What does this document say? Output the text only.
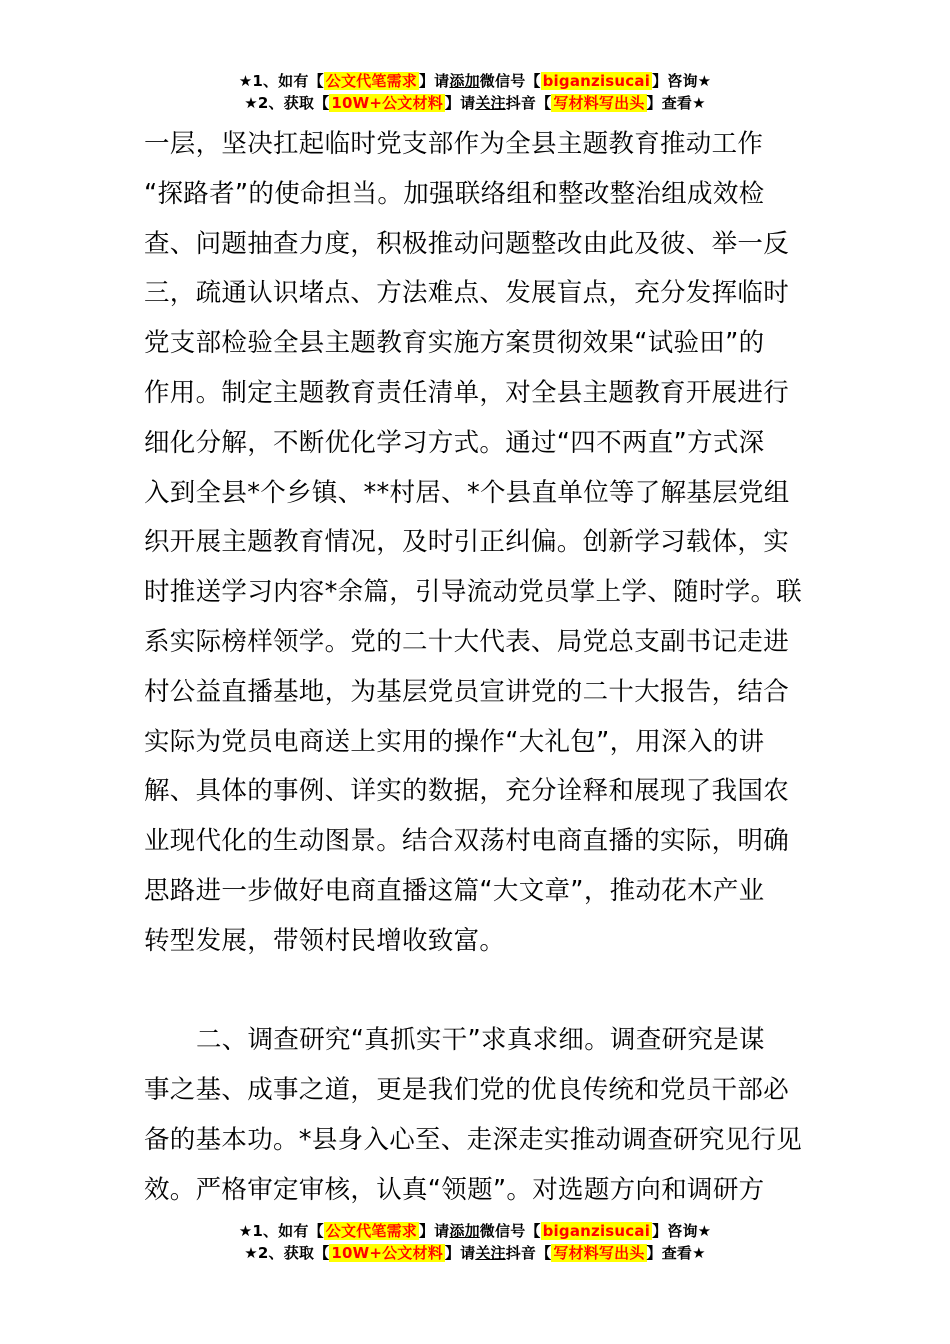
★1、如有【 公文代笔需求 】请添加微信号【 biganzisucai 】咨询★
★2、获取【 10W+公文材料 】请关注抖音【 写材料写出头 】查看★
一层，坚决扛起临时党支部作为全县主题教育推动工作
“探路者”的使命担当。加强联络组和整改整治组成效检
查、问题抽查力度，积极推动问题整改由此及彼、举一反
三，疏通认识堵点、方法难点、发展盲点，充分发挥临时
党支部检验全县主题教育实施方案贯彻效果“试验田”的
作用。制定主题教育责任清单，对全县主题教育开展进行
细化分解，不断优化学习方式。通过“四不两直”方式深
入到全县*个乡镇、**村居、*个县直单位等了解基层党组
织开展主题教育情况，及时引正纠偏。创新学习载体，实
时推送学习内容*余篇，引导流动党员掌上学、随时学。联
系实际榜样领学。党的二十大代表、局党总支副书记走进
村公益直播基地，为基层党员宣讲党的二十大报告，结合
实际为党员电商送上实用的操作“大礼包”，用深入的讲
解、具体的事例、详实的数据，充分诠释和展现了我国农
业现代化的生动图景。结合双荡村电商直播的实际，明确
思路进一步做好电商直播这篇“大文章”，推动花木产业
转型发展，带领村民增收致富。
二、调查研究“真抓实干”求真求细。调查研究是谋
事之基、成事之道，更是我们党的优良传统和党员干部必
备的基本功。*县身入心至、走深走实推动调查研究见行见
效。严格审定审核，认真“领题”。对选题方向和调研方
★1、如有【 公文代笔需求 】请添加微信号【 biganzisucai 】咨询★
★2、获取【 10W+公文材料 】请关注抖音【 写材料写出头 】查看★
